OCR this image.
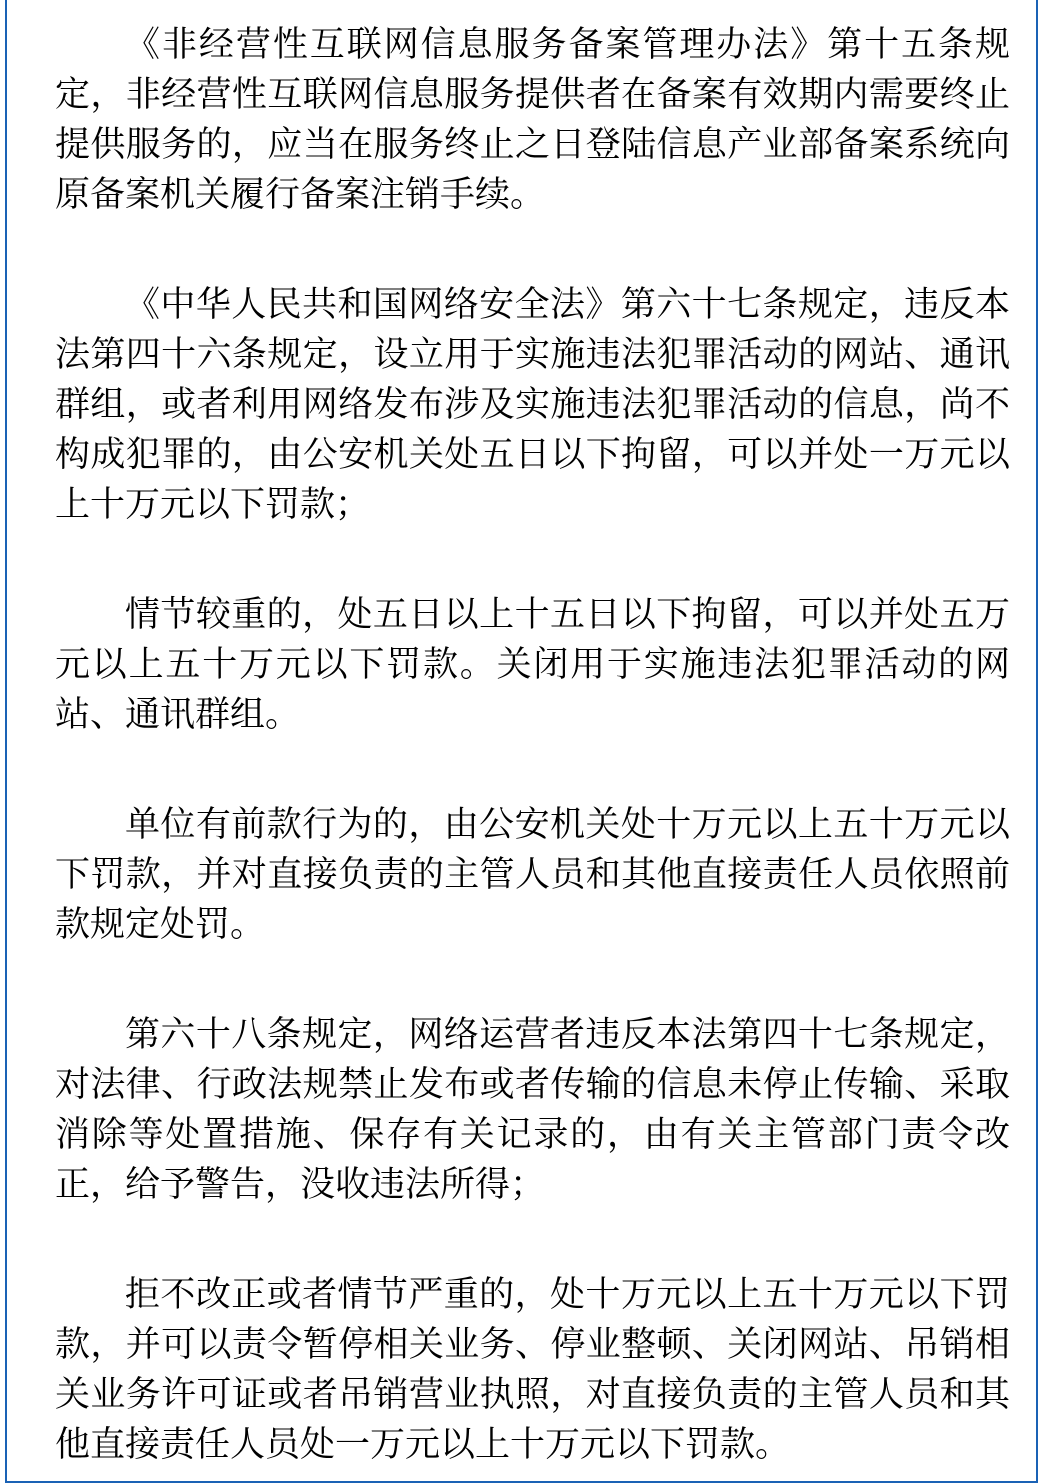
《非经营性互联网信息服务备案管理办法》第十五条规定，非经营性互联网信息服务提供者在备案有效期内需要终止提供服务的，应当在服务终止之日登陆信息产业部备案系统向原备案机关履行备案注销手续。

《中华人民共和国网络安全法》第六十七条规定，违反本法第四十六条规定，设立用于实施违法犯罪活动的网站、通讯群组，或者利用网络发布涉及实施违法犯罪活动的信息，尚不构成犯罪的，由公安机关处五日以下拘留，可以并处一万元以上十万元以下罚款；

情节较重的，处五日以上十五日以下拘留，可以并处五万元以上五十万元以下罚款。关闭用于实施违法犯罪活动的网站、通讯群组。

单位有前款行为的，由公安机关处十万元以上五十万元以下罚款，并对直接负责的主管人员和其他直接责任人员依照前款规定处罚。

第六十八条规定，网络运营者违反本法第四十七条规定，对法律、行政法规禁止发布或者传输的信息未停止传输、采取消除等处置措施、保存有关记录的，由有关主管部门责令改正，给予警告，没收违法所得；

拒不改正或者情节严重的，处十万元以上五十万元以下罚款，并可以责令暂停相关业务、停业整顿、关闭网站、吊销相关业务许可证或者吊销营业执照，对直接负责的主管人员和其他直接责任人员处一万元以上十万元以下罚款。
